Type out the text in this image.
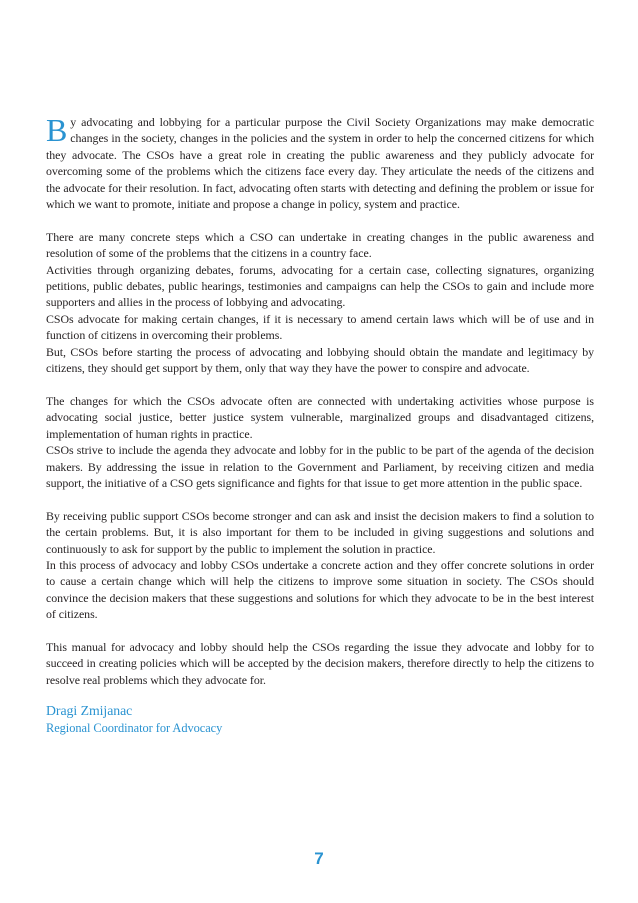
By advocating and lobbying for a particular purpose the Civil Society Organizations may make democratic changes in the society, changes in the policies and the system in order to help the concerned citizens for which they advocate. The CSOs have a great role in creating the public awareness and they publicly advocate for overcoming some of the problems which the citizens face every day. They articulate the needs of the citizens and the advocate for their resolution. In fact, advocating often starts with detecting and defining the problem or issue for which we want to promote, initiate and propose a change in policy, system and practice.

There are many concrete steps which a CSO can undertake in creating changes in the public awareness and resolution of some of the problems that the citizens in a country face.

Activities through organizing debates, forums, advocating for a certain case, collecting signatures, organizing petitions, public debates, public hearings, testimonies and campaigns can help the CSOs to gain and include more supporters and allies in the process of lobbying and advocating.

CSOs advocate for making certain changes, if it is necessary to amend certain laws which will be of use and in function of citizens in overcoming their problems.

But, CSOs before starting the process of advocating and lobbying should obtain the mandate and legitimacy by citizens, they should get support by them, only that way they have the power to conspire and advocate.

The changes for which the CSOs advocate often are connected with undertaking activities whose purpose is advocating social justice, better justice system vulnerable, marginalized groups and disadvantaged citizens, implementation of human rights in practice.

CSOs strive to include the agenda they advocate and lobby for in the public to be part of the agenda of the decision makers. By addressing the issue in relation to the Government and Parliament, by receiving citizen and media support, the initiative of a CSO gets significance and fights for that issue to get more attention in the public space.

By receiving public support CSOs become stronger and can ask and insist the decision makers to find a solution to the certain problems. But, it is also important for them to be included in giving suggestions and solutions and continuously to ask for support by the public to implement the solution in practice.

In this process of advocacy and lobby CSOs undertake a concrete action and they offer concrete solutions in order to cause a certain change which will help the citizens to improve some situation in society. The CSOs should convince the decision makers that these suggestions and solutions for which they advocate to be in the best interest of citizens.

This manual for advocacy and lobby should help the CSOs regarding the issue they advocate and lobby for to succeed in creating policies which will be accepted by the decision makers, therefore directly to help the citizens to resolve real problems which they advocate for.

Dragi Zmijanac
Regional Coordinator for Advocacy
7
